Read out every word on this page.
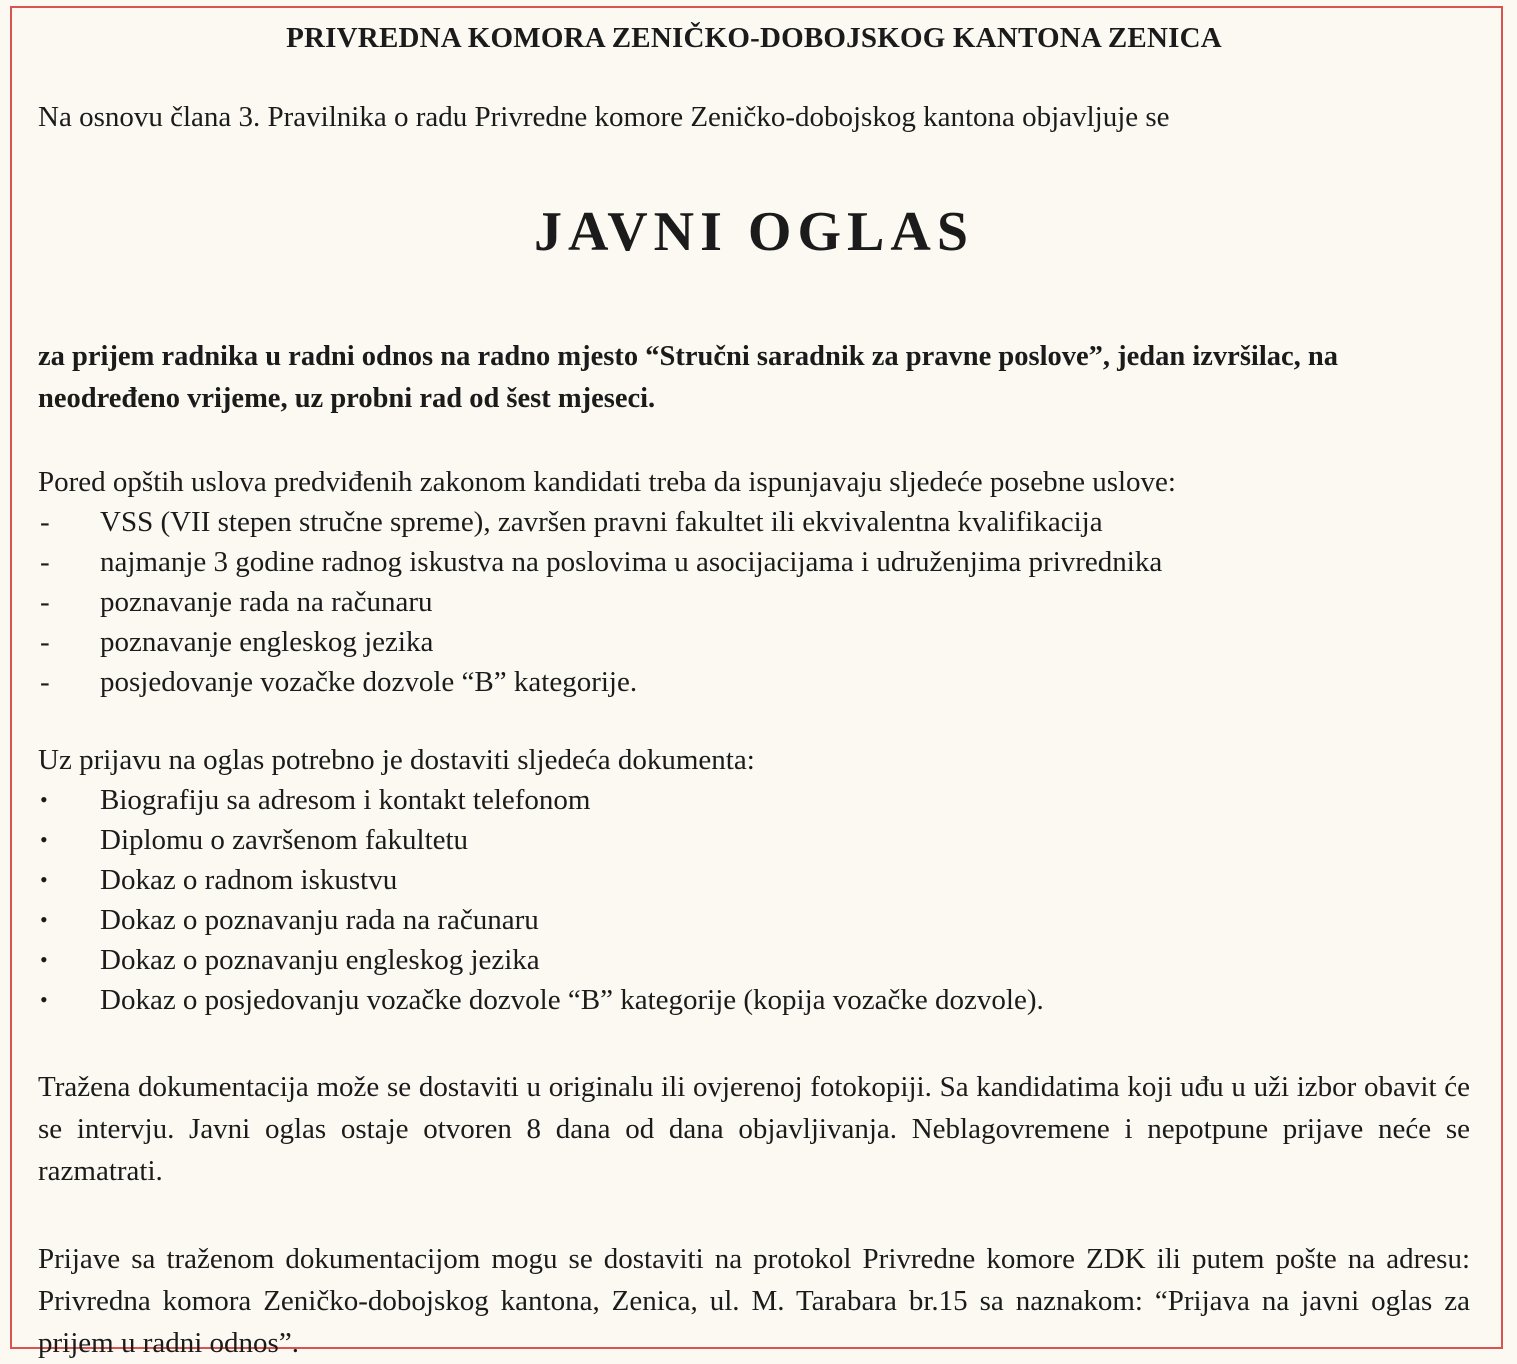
PRIVREDNA KOMORA ZENIČKO-DOBOJSKOG KANTONA ZENICA

Na osnovu člana 3. Pravilnika o radu Privredne komore Zeničko-dobojskog kantona objavljuje se

JAVNI OGLAS

za prijem radnika u radni odnos na radno mjesto “Stručni saradnik za pravne poslove”, jedan izvršilac, na neodređeno vrijeme, uz probni rad od šest mjeseci.

Pored opštih uslova predviđenih zakonom kandidati treba da ispunjavaju sljedeće posebne uslove:

- VSS (VII stepen stručne spreme), završen pravni fakultet ili ekvivalentna kvalifikacija
- najmanje 3 godine radnog iskustva na poslovima u asocijacijama i udruženjima privrednika
- poznavanje rada na računaru
- poznavanje engleskog jezika
- posjedovanje vozačke dozvole “B” kategorije.

Uz prijavu na oglas potrebno je dostaviti sljedeća dokumenta:

• Biografiju sa adresom i kontakt telefonom
• Diplomu o završenom fakultetu
• Dokaz o radnom iskustvu
• Dokaz o poznavanju rada na računaru
• Dokaz o poznavanju engleskog jezika
• Dokaz o posjedovanju vozačke dozvole “B” kategorije (kopija vozačke dozvole).

Tražena dokumentacija može se dostaviti u originalu ili ovjerenoj fotokopiji. Sa kandidatima koji uđu u uži izbor obavit će se intervju. Javni oglas ostaje otvoren 8 dana od dana objavljivanja. Neblagovremene i nepotpune prijave neće se razmatrati.

Prijave sa traženom dokumentacijom mogu se dostaviti na protokol Privredne komore ZDK ili putem pošte na adresu: Privredna komora Zeničko-dobojskog kantona, Zenica, ul. M. Tarabara br.15 sa naznakom: “Prijava na javni oglas za prijem u radni odnos”.
